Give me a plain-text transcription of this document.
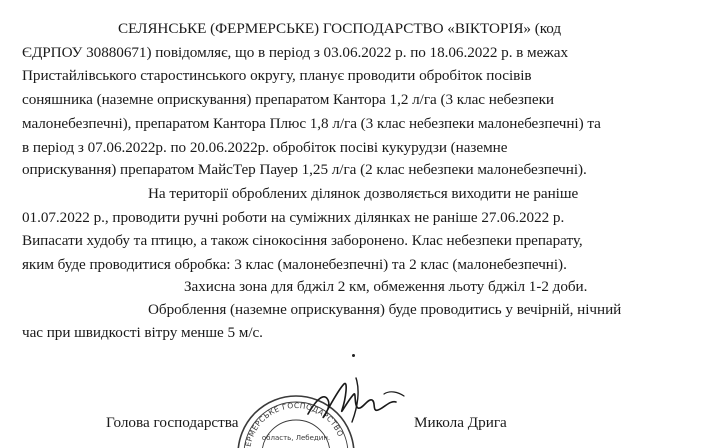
СЕЛЯНСЬКЕ (ФЕРМЕРСЬКЕ) ГОСПОДАРСТВО «ВІКТОРІЯ» (код
ЄДРПОУ 30880671) повідомляє, що в період з 03.06.2022 р. по 18.06.2022 р. в межах
Пристайлівського старостинського округу, планує проводити обробіток посівів
соняшника (наземне оприскування) препаратом Кантора 1,2 л/га (3 клас небезпеки
малонебезпечні), препаратом Кантора Плюс 1,8 л/га (3 клас небезпеки малонебезпечні) та
в період з 07.06.2022р. по 20.06.2022р. обробіток посіві кукурудзи (наземне
оприскування) препаратом МайсТер Пауер 1,25 л/га (2 клас небезпеки малонебезпечні).
На території оброблених ділянок дозволяється виходити не раніше
01.07.2022 р., проводити ручні роботи на суміжних ділянках не раніше 27.06.2022 р.
Випасати худобу та птицю, а також сінокосіння заборонено. Клас небезпеки препарату,
яким буде проводитися обробка: 3 клас (малонебезпечні) та 2 клас (малонебезпечні).
Захисна зона для бджіл 2 км, обмеження льоту бджіл 1-2 доби.
Оброблення (наземне оприскування) буде проводитись у вечірній, нічний
час при швидкості вітру менше 5 м/с.
ЕРМЕРСЬКЕ ГОСПОДАРСТВО
область, Лебедин.
Голова господарства	Микола Дрига
